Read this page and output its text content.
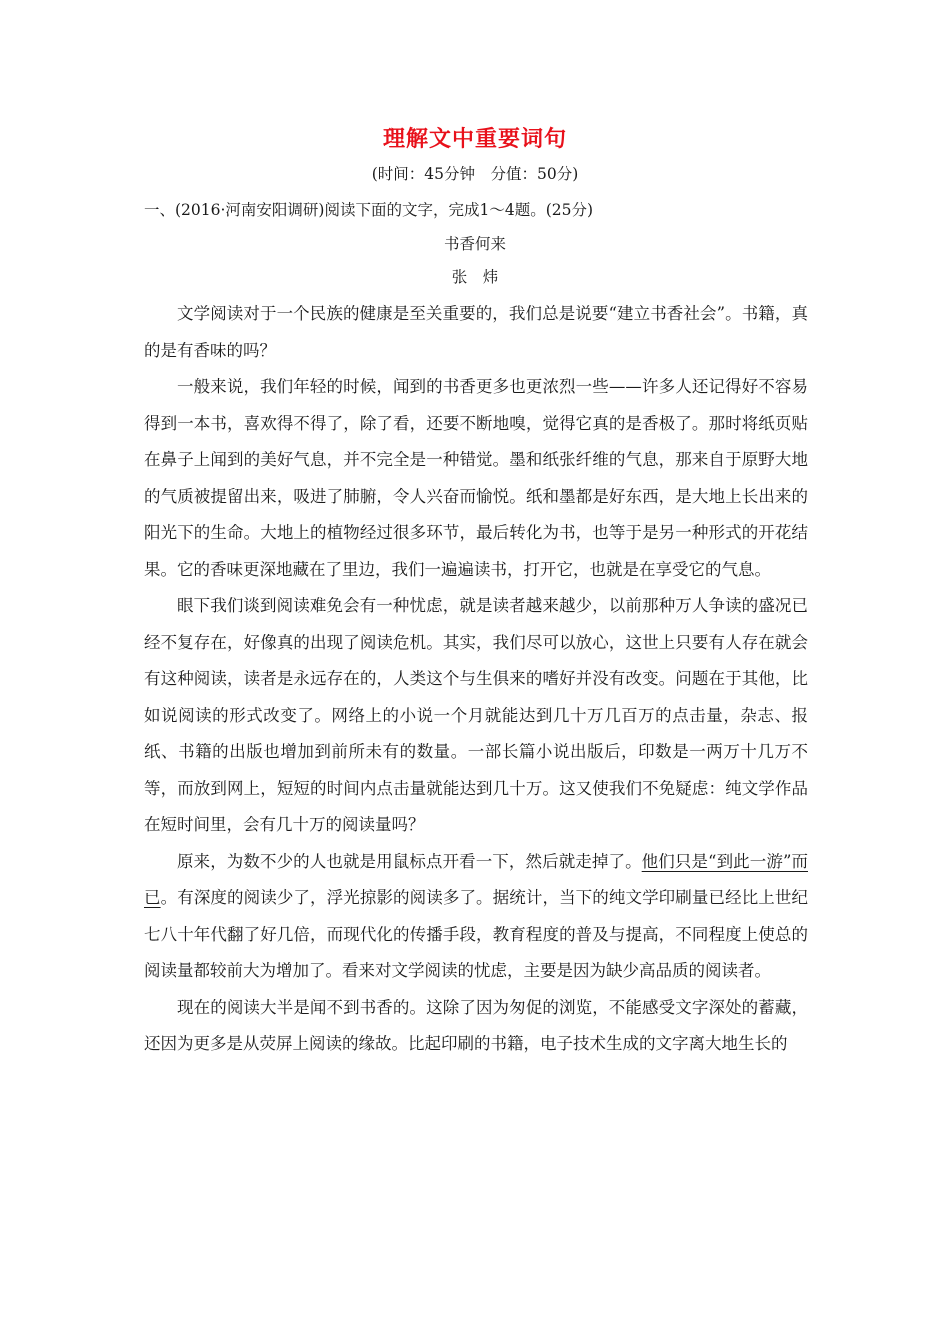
理解文中重要词句
(时间：45分钟　分值：50分)
一、(2016·河南安阳调研)阅读下面的文字，完成1～4题。(25分)
书香何来
张　炜

文学阅读对于一个民族的健康是至关重要的，我们总是说要“建立书香社会”。书籍，真的是有香味的吗？

一般来说，我们年轻的时候，闻到的书香更多也更浓烈一些——许多人还记得好不容易得到一本书，喜欢得不得了，除了看，还要不断地嗅，觉得它真的是香极了。那时将纸页贴在鼻子上闻到的美好气息，并不完全是一种错觉。墨和纸张纤维的气息，那来自于原野大地的气质被提留出来，吸进了肺腑，令人兴奋而愉悦。纸和墨都是好东西，是大地上长出来的阳光下的生命。大地上的植物经过很多环节，最后转化为书，也等于是另一种形式的开花结果。它的香味更深地藏在了里边，我们一遍遍读书，打开它，也就是在享受它的气息。

眼下我们谈到阅读难免会有一种忧虑，就是读者越来越少，以前那种万人争读的盛况已经不复存在，好像真的出现了阅读危机。其实，我们尽可以放心，这世上只要有人存在就会有这种阅读，读者是永远存在的，人类这个与生俱来的嗜好并没有改变。问题在于其他，比如说阅读的形式改变了。网络上的小说一个月就能达到几十万几百万的点击量，杂志、报纸、书籍的出版也增加到前所未有的数量。一部长篇小说出版后，印数是一两万十几万不等，而放到网上，短短的时间内点击量就能达到几十万。这又使我们不免疑虑：纯文学作品在短时间里，会有几十万的阅读量吗？

原来，为数不少的人也就是用鼠标点开看一下，然后就走掉了。他们只是“到此一游”而已。有深度的阅读少了，浮光掠影的阅读多了。据统计，当下的纯文学印刷量已经比上世纪七八十年代翻了好几倍，而现代化的传播手段，教育程度的普及与提高，不同程度上使总的阅读量都较前大为增加了。看来对文学阅读的忧虑，主要是因为缺少高品质的阅读者。

现在的阅读大半是闻不到书香的。这除了因为匆促的浏览，不能感受文字深处的蓄藏，还因为更多是从荧屏上阅读的缘故。比起印刷的书籍，电子技术生成的文字离大地生长的
